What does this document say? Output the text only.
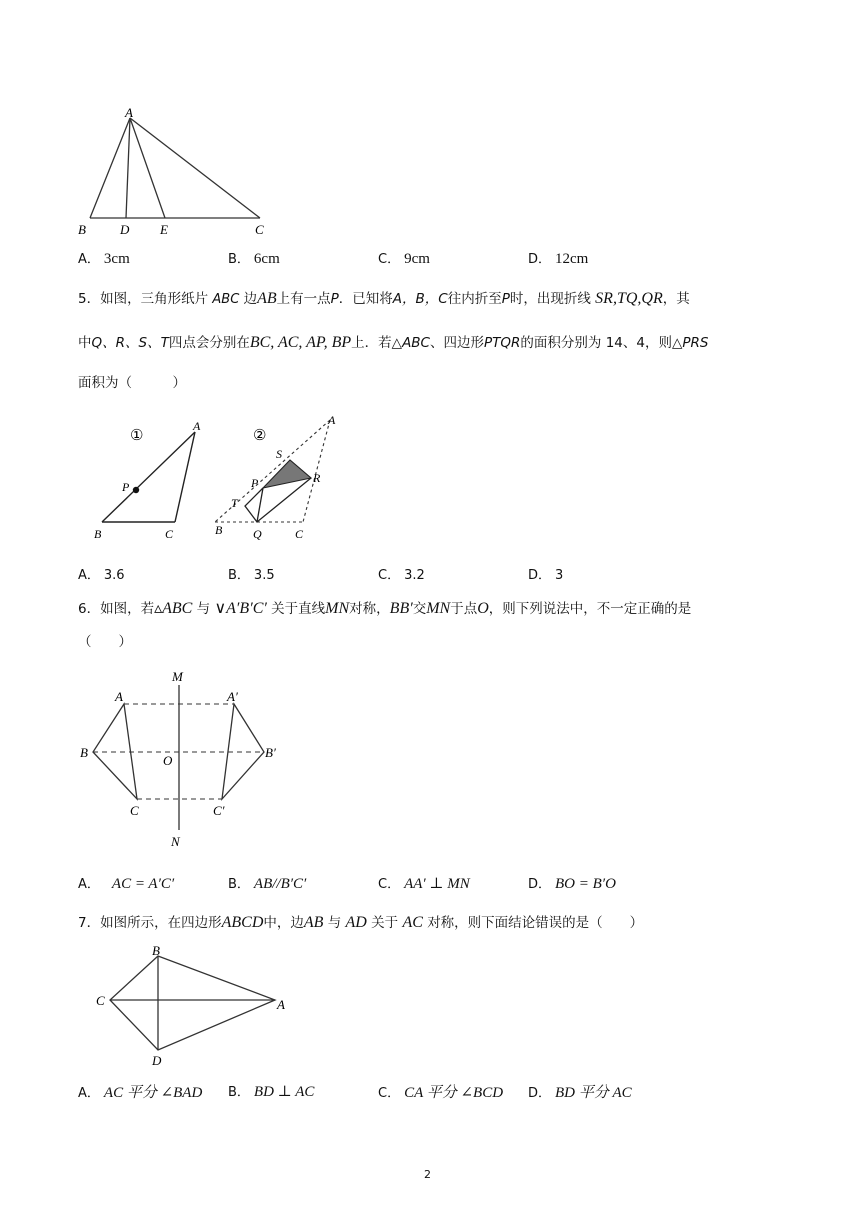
A
B	D E	C
A． 3cm	B． 6cm	C． 9cm	D． 12cm
5．如图，三角形纸片 ABC 边AB上有一点P．已知将A，B，C往内折至P时，出现折线 SR,TQ,QR，其
中Q、R、S、T四点会分别在BC, AC, AP, BP上．若△ABC、四边形PTQR的面积分别为 14、4，则△PRS
面积为（　　　）
①
A
P
B	C
②
A
S
R
P
T
B	Q	C
A． 3.6	B． 3.5	C． 3.2	D． 3
6．如图，若▵ABC 与 ∨A′B′C′ 关于直线MN对称，BB′交MN于点O，则下列说法中，不一定正确的是
（　　）
M
N
A	A′
B	B′
O
C	C′
A． AC = A′C′	B． AB//B′C′	C． AA′ ⊥ MN	D． BO = B′O
7．如图所示，在四边形ABCD中，边AB 与 AD 关于 AC 对称，则下面结论错误的是（　　）
B
C	A
D
A． AC 平分 ∠BAD B． BD ⊥ AC	C． CA 平分 ∠BCD D． BD 平分 AC
2
